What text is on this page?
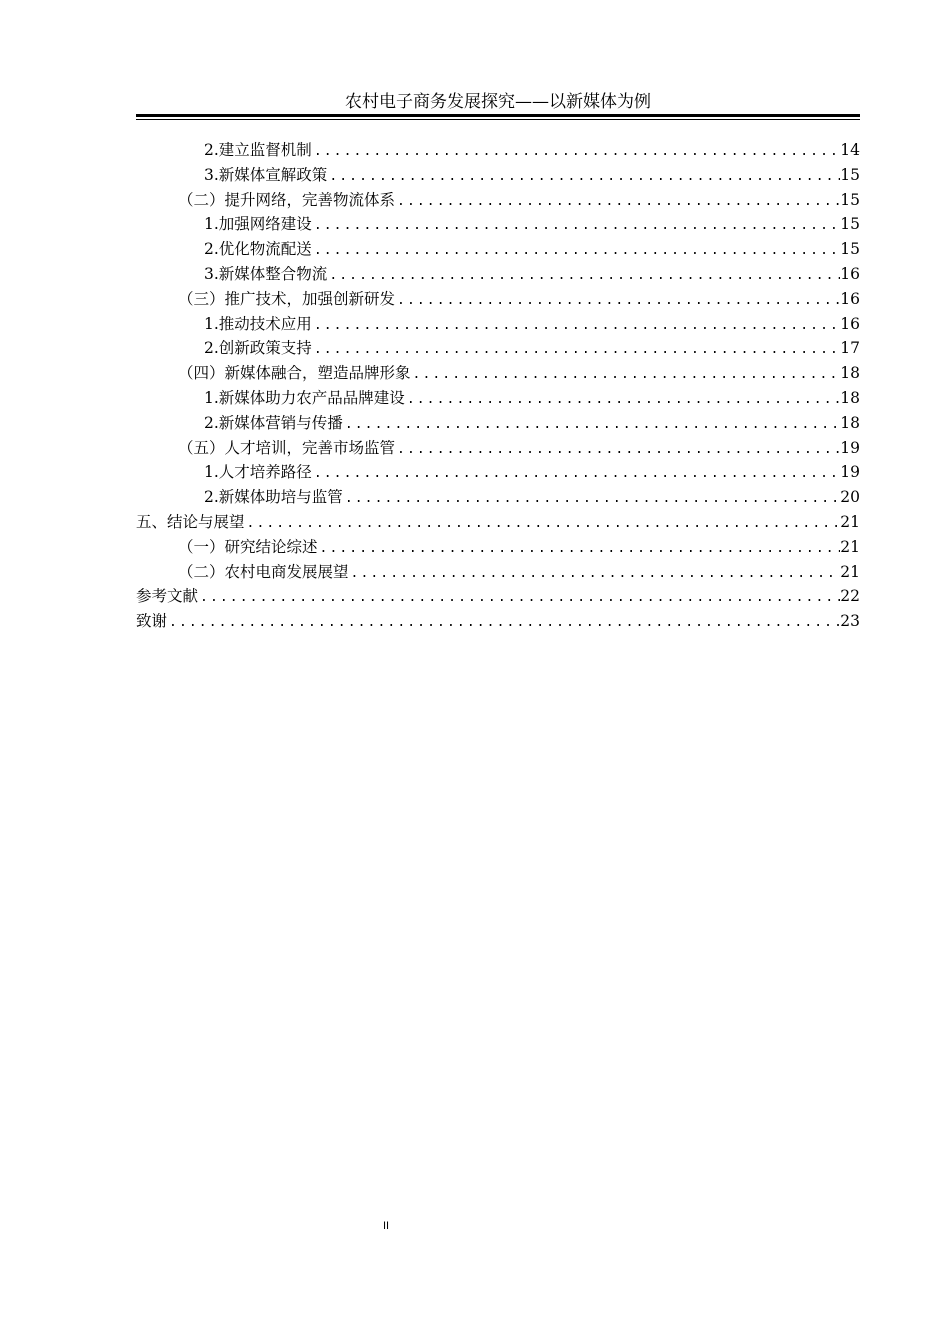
农村电子商务发展探究——以新媒体为例
2. 建立监督机制 .....	14
3. 新媒体宣解政策 .....	15
（二） 提升网络，完善物流体系 .....	15
1. 加强网络建设 .....	15
2. 优化物流配送 .....	15
3. 新媒体整合物流 .....	16
（三） 推广技术，加强创新研发 .....	16
1. 推动技术应用 .....	16
2. 创新政策支持 .....	17
（四） 新媒体融合，塑造品牌形象 .....	18
1. 新媒体助力农产品品牌建设 .....	18
2. 新媒体营销与传播 .....	18
（五） 人才培训，完善市场监管 .....	19
1. 人才培养路径 .....	19
2. 新媒体助培与监管 .....	20
五、 结论与展望 .....	21
（一） 研究结论综述 .....	21
（二） 农村电商发展展望 .....	21
参考文献 .....	22
致谢 .....	23
II
